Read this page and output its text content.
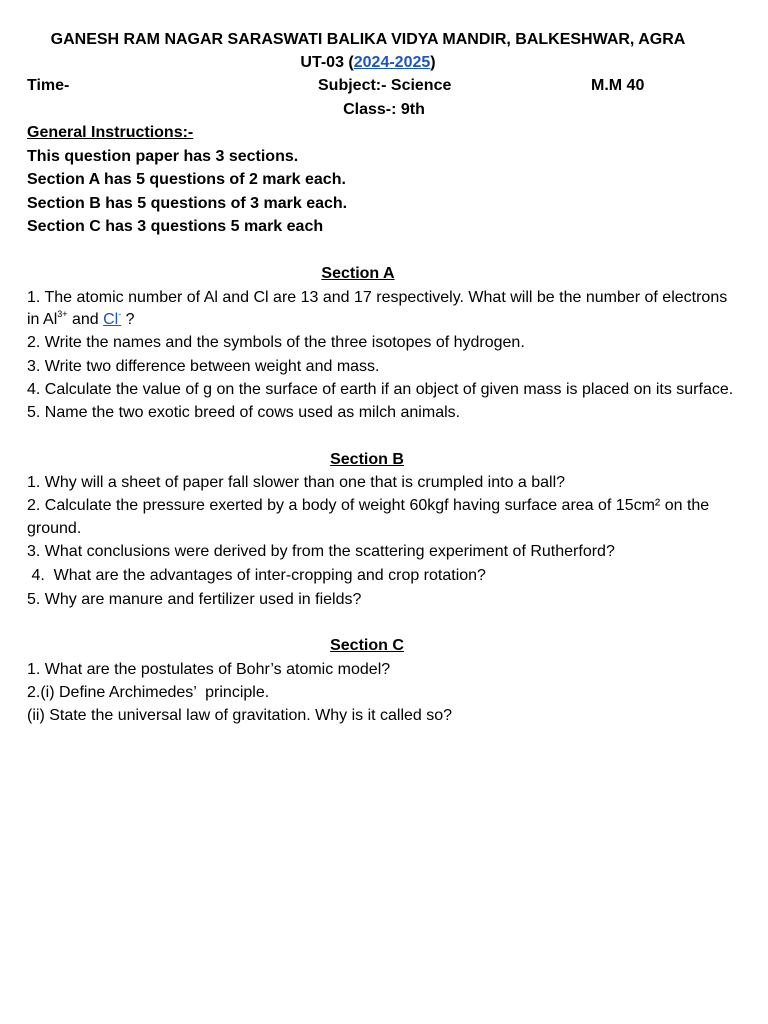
GANESH RAM NAGAR SARASWATI BALIKA VIDYA MANDIR, BALKESHWAR, AGRA
UT-03 (2024-2025)
Time-	Subject:- Science	M.M 40
Class-: 9th
General Instructions:-
This question paper has 3 sections.
Section A has 5 questions of 2 mark each.
Section B has 5 questions of 3 mark each.
Section C has 3 questions 5 mark each
Section A
1. The atomic number of Al and Cl are 13 and 17 respectively. What will be the number of electrons
in $Al^{3+}$ and Cl- ?
2. Write the names and the symbols of the three isotopes of hydrogen.
3. Write two difference between weight and mass.
4. Calculate the value of g on the surface of earth if an object of given mass is placed on its surface.
5. Name the two exotic breed of cows used as milch animals.
Section B
1. Why will a sheet of paper fall slower than one that is crumpled into a ball?
2. Calculate the pressure exerted by a body of weight 60kgf having surface area of 15cm² on the
ground.
3. What conclusions were derived by from the scattering experiment of Rutherford?
4.  What are the advantages of inter-cropping and crop rotation?
5. Why are manure and fertilizer used in fields?
Section C
1. What are the postulates of Bohr’s atomic model?
2.(i) Define Archimedes’  principle.
(ii) State the universal law of gravitation. Why is it called so?
